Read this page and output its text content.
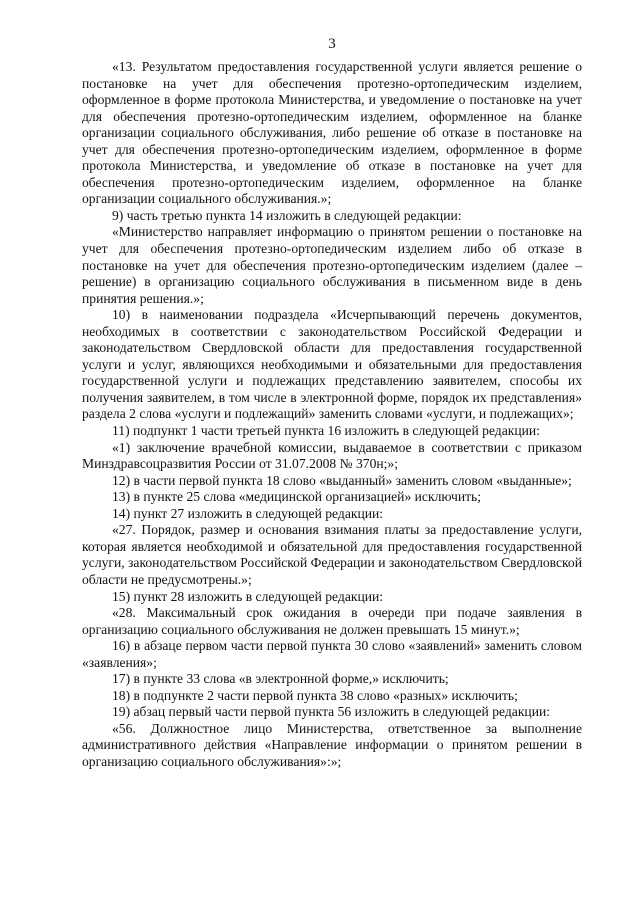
3

«13. Результатом предоставления государственной услуги является решение о постановке на учет для обеспечения протезно-ортопедическим изделием, оформленное в форме протокола Министерства, и уведомление о постановке на учет для обеспечения протезно-ортопедическим изделием, оформленное на бланке организации социального обслуживания, либо решение об отказе в постановке на учет для обеспечения протезно-ортопедическим изделием, оформленное в форме протокола Министерства, и уведомление об отказе в постановке на учет для обеспечения протезно-ортопедическим изделием, оформленное на бланке организации социального обслуживания.»;

9) часть третью пункта 14 изложить в следующей редакции:

«Министерство направляет информацию о принятом решении о постановке на учет для обеспечения протезно-ортопедическим изделием либо об отказе в постановке на учет для обеспечения протезно-ортопедическим изделием (далее – решение) в организацию социального обслуживания в письменном виде в день принятия решения.»;

10) в наименовании подраздела «Исчерпывающий перечень документов, необходимых в соответствии с законодательством Российской Федерации и законодательством Свердловской области для предоставления государственной услуги и услуг, являющихся необходимыми и обязательными для предоставления государственной услуги и подлежащих представлению заявителем, способы их получения заявителем, в том числе в электронной форме, порядок их представления» раздела 2 слова «услуги и подлежащий» заменить словами «услуги, и подлежащих»;

11) подпункт 1 части третьей пункта 16 изложить в следующей редакции:

«1) заключение врачебной комиссии, выдаваемое в соответствии с приказом Минздравсоцразвития России от 31.07.2008 № 370н;»;

12) в части первой пункта 18 слово «выданный» заменить словом «выданные»;

13) в пункте 25 слова «медицинской организацией» исключить;

14) пункт 27 изложить в следующей редакции:

«27. Порядок, размер и основания взимания платы за предоставление услуги, которая является необходимой и обязательной для предоставления государственной услуги, законодательством Российской Федерации и законодательством Свердловской области не предусмотрены.»;

15) пункт 28 изложить в следующей редакции:

«28. Максимальный срок ожидания в очереди при подаче заявления в организацию социального обслуживания не должен превышать 15 минут.»;

16) в абзаце первом части первой пункта 30 слово «заявлений» заменить словом «заявления»;

17) в пункте 33 слова «в электронной форме,» исключить;

18) в подпункте 2 части первой пункта 38 слово «разных» исключить;

19) абзац первый части первой пункта 56 изложить в следующей редакции:

«56. Должностное лицо Министерства, ответственное за выполнение административного действия «Направление информации о принятом решении в организацию социального обслуживания»:»;
